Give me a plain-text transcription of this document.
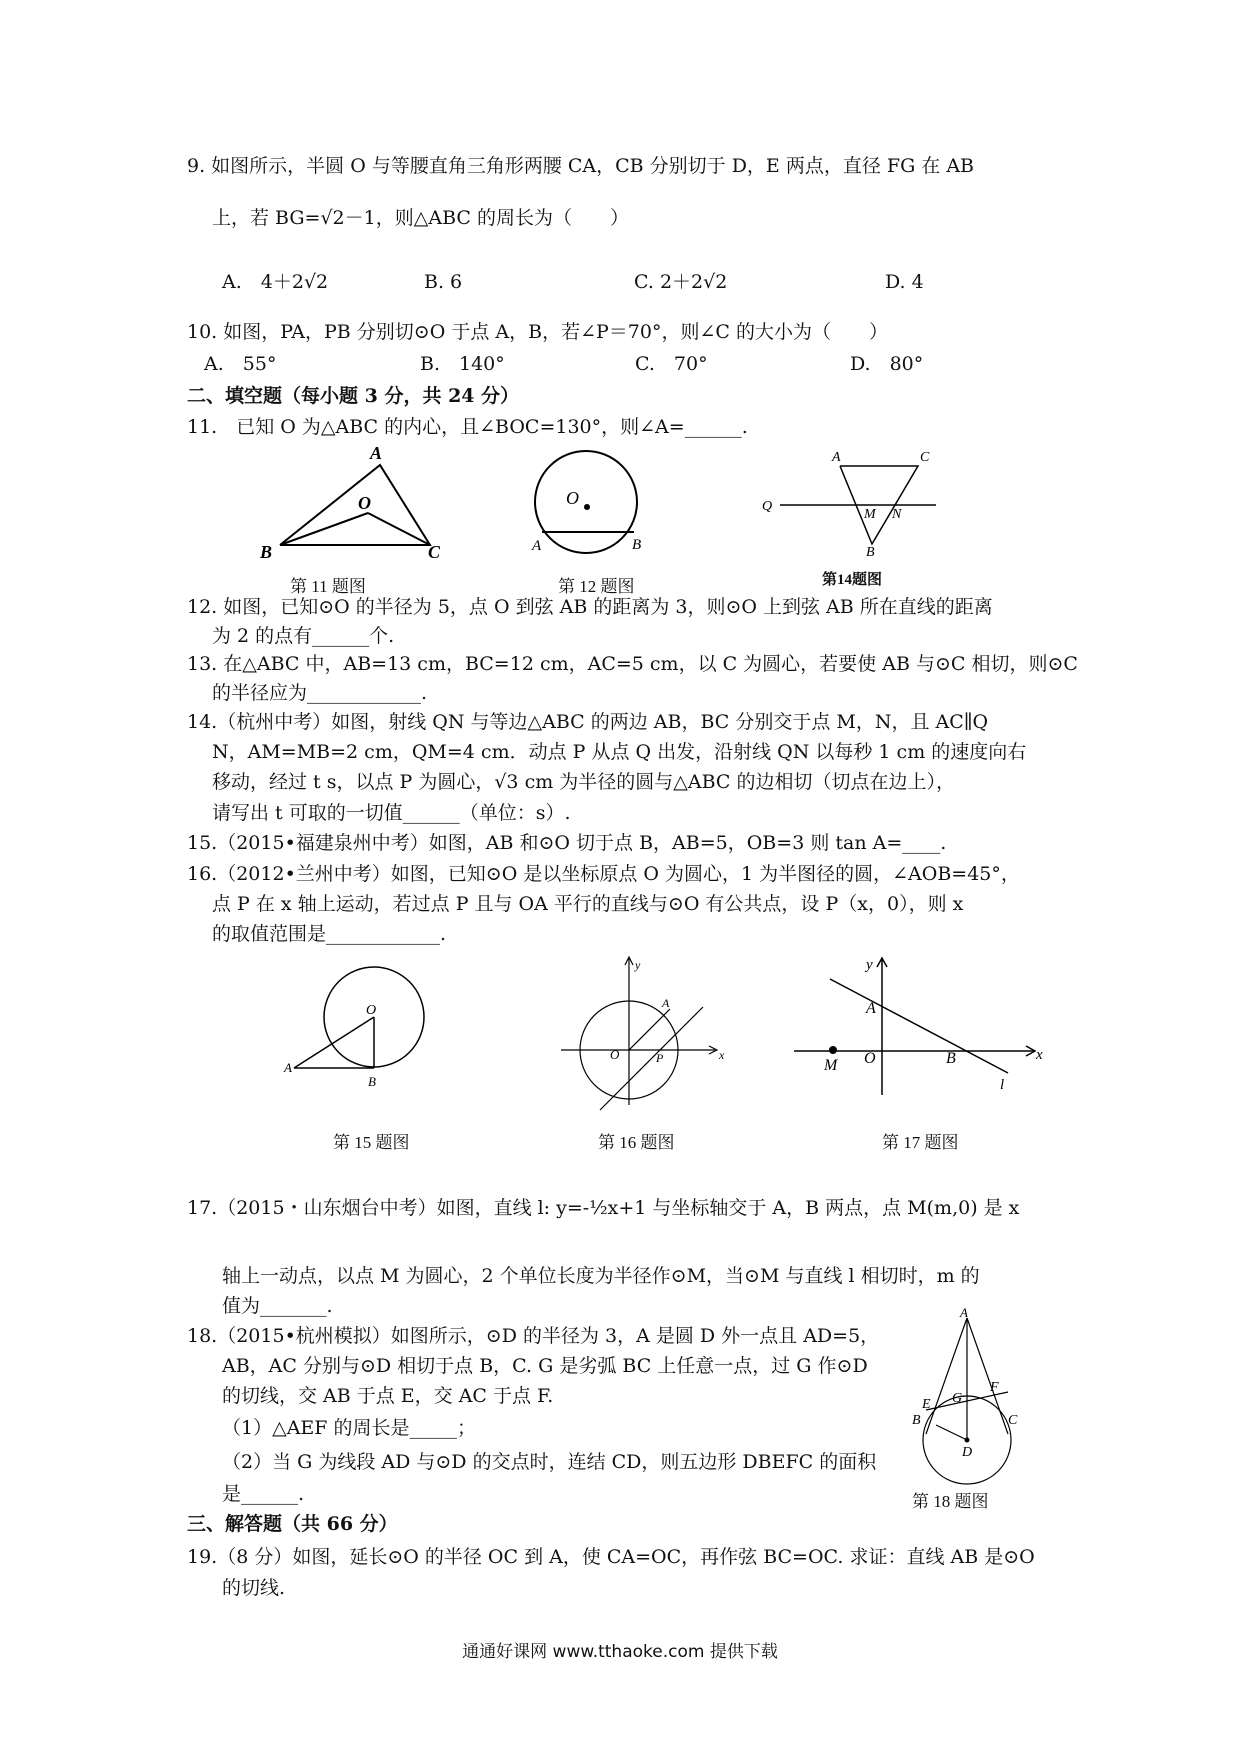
9. 如图所示，半圆 O 与等腰直角三角形两腰 CA，CB 分别切于 D，E 两点，直径 FG 在 AB
上，若 BG=√2－1，则△ABC 的周长为（　　）
A.　4＋2√2	B. 6	C. 2＋2√2	D. 4
10. 如图，PA，PB 分别切⊙O 于点 A，B，若∠P＝70°，则∠C 的大小为（　　）
A.　55°	B.　140°	C.　70°	D.　80°
二、填空题（每小题 3 分，共 24 分）
11.　已知 O 为△ABC 的内心，且∠BOC=130°，则∠A=______.
A
O
B	C
第 11 题图
O
A	B
第 12 题图
A	C
Q
M N
B
第14题图
12. 如图，已知⊙O 的半径为 5，点 O 到弦 AB 的距离为 3，则⊙O 上到弦 AB 所在直线的距离
为 2 的点有______个.
13. 在△ABC 中，AB=13 cm，BC=12 cm，AC=5 cm，以 C 为圆心，若要使 AB 与⊙C 相切，则⊙C
的半径应为____________.
14.（杭州中考）如图，射线 QN 与等边△ABC 的两边 AB，BC 分别交于点 M，N，且 AC∥Q
N，AM=MB=2 cm，QM=4 cm．动点 P 从点 Q 出发，沿射线 QN 以每秒 1 cm 的速度向右
移动，经过 t s，以点 P 为圆心，√3 cm 为半径的圆与△ABC 的边相切（切点在边上），
请写出 t 可取的一切值______（单位：s）.
15.（2015•福建泉州中考）如图，AB 和⊙O 切于点 B，AB=5，OB=3 则 tan A=____.
16.（2012•兰州中考）如图，已知⊙O 是以坐标原点 O 为圆心，1 为半图径的圆，∠AOB=45°，
点 P 在 x 轴上运动，若过点 P 且与 OA 平行的直线与⊙O 有公共点，设 P（x，0），则 x
的取值范围是____________.
O
A
B
第 15 题图
y
A
O	P	x
第 16 题图
y
A
M O	B	x
l
第 17 题图
17.（2015・山东烟台中考）如图，直线 l: y=-½x+1 与坐标轴交于 A，B 两点，点 M(m,0) 是 x
轴上一动点，以点 M 为圆心，2 个单位长度为半径作⊙M，当⊙M 与直线 l 相切时，m 的
值为_______.
18.（2015•杭州模拟）如图所示，⊙D 的半径为 3，A 是圆 D 外一点且 AD=5，
AB，AC 分别与⊙D 相切于点 B，C. G 是劣弧 BC 上任意一点，过 G 作⊙D
的切线，交 AB 于点 E，交 AC 于点 F.
（1）△AEF 的周长是_____；
（2）当 G 为线段 AD 与⊙D 的交点时，连结 CD，则五边形 DBEFC 的面积
是______.
A
E G
F
B	C
D
第 18 题图
三、解答题（共 66 分）
19.（8 分）如图，延长⊙O 的半径 OC 到 A，使 CA=OC，再作弦 BC=OC. 求证：直线 AB 是⊙O
的切线.
通通好课网 www.tthaoke.com 提供下载
